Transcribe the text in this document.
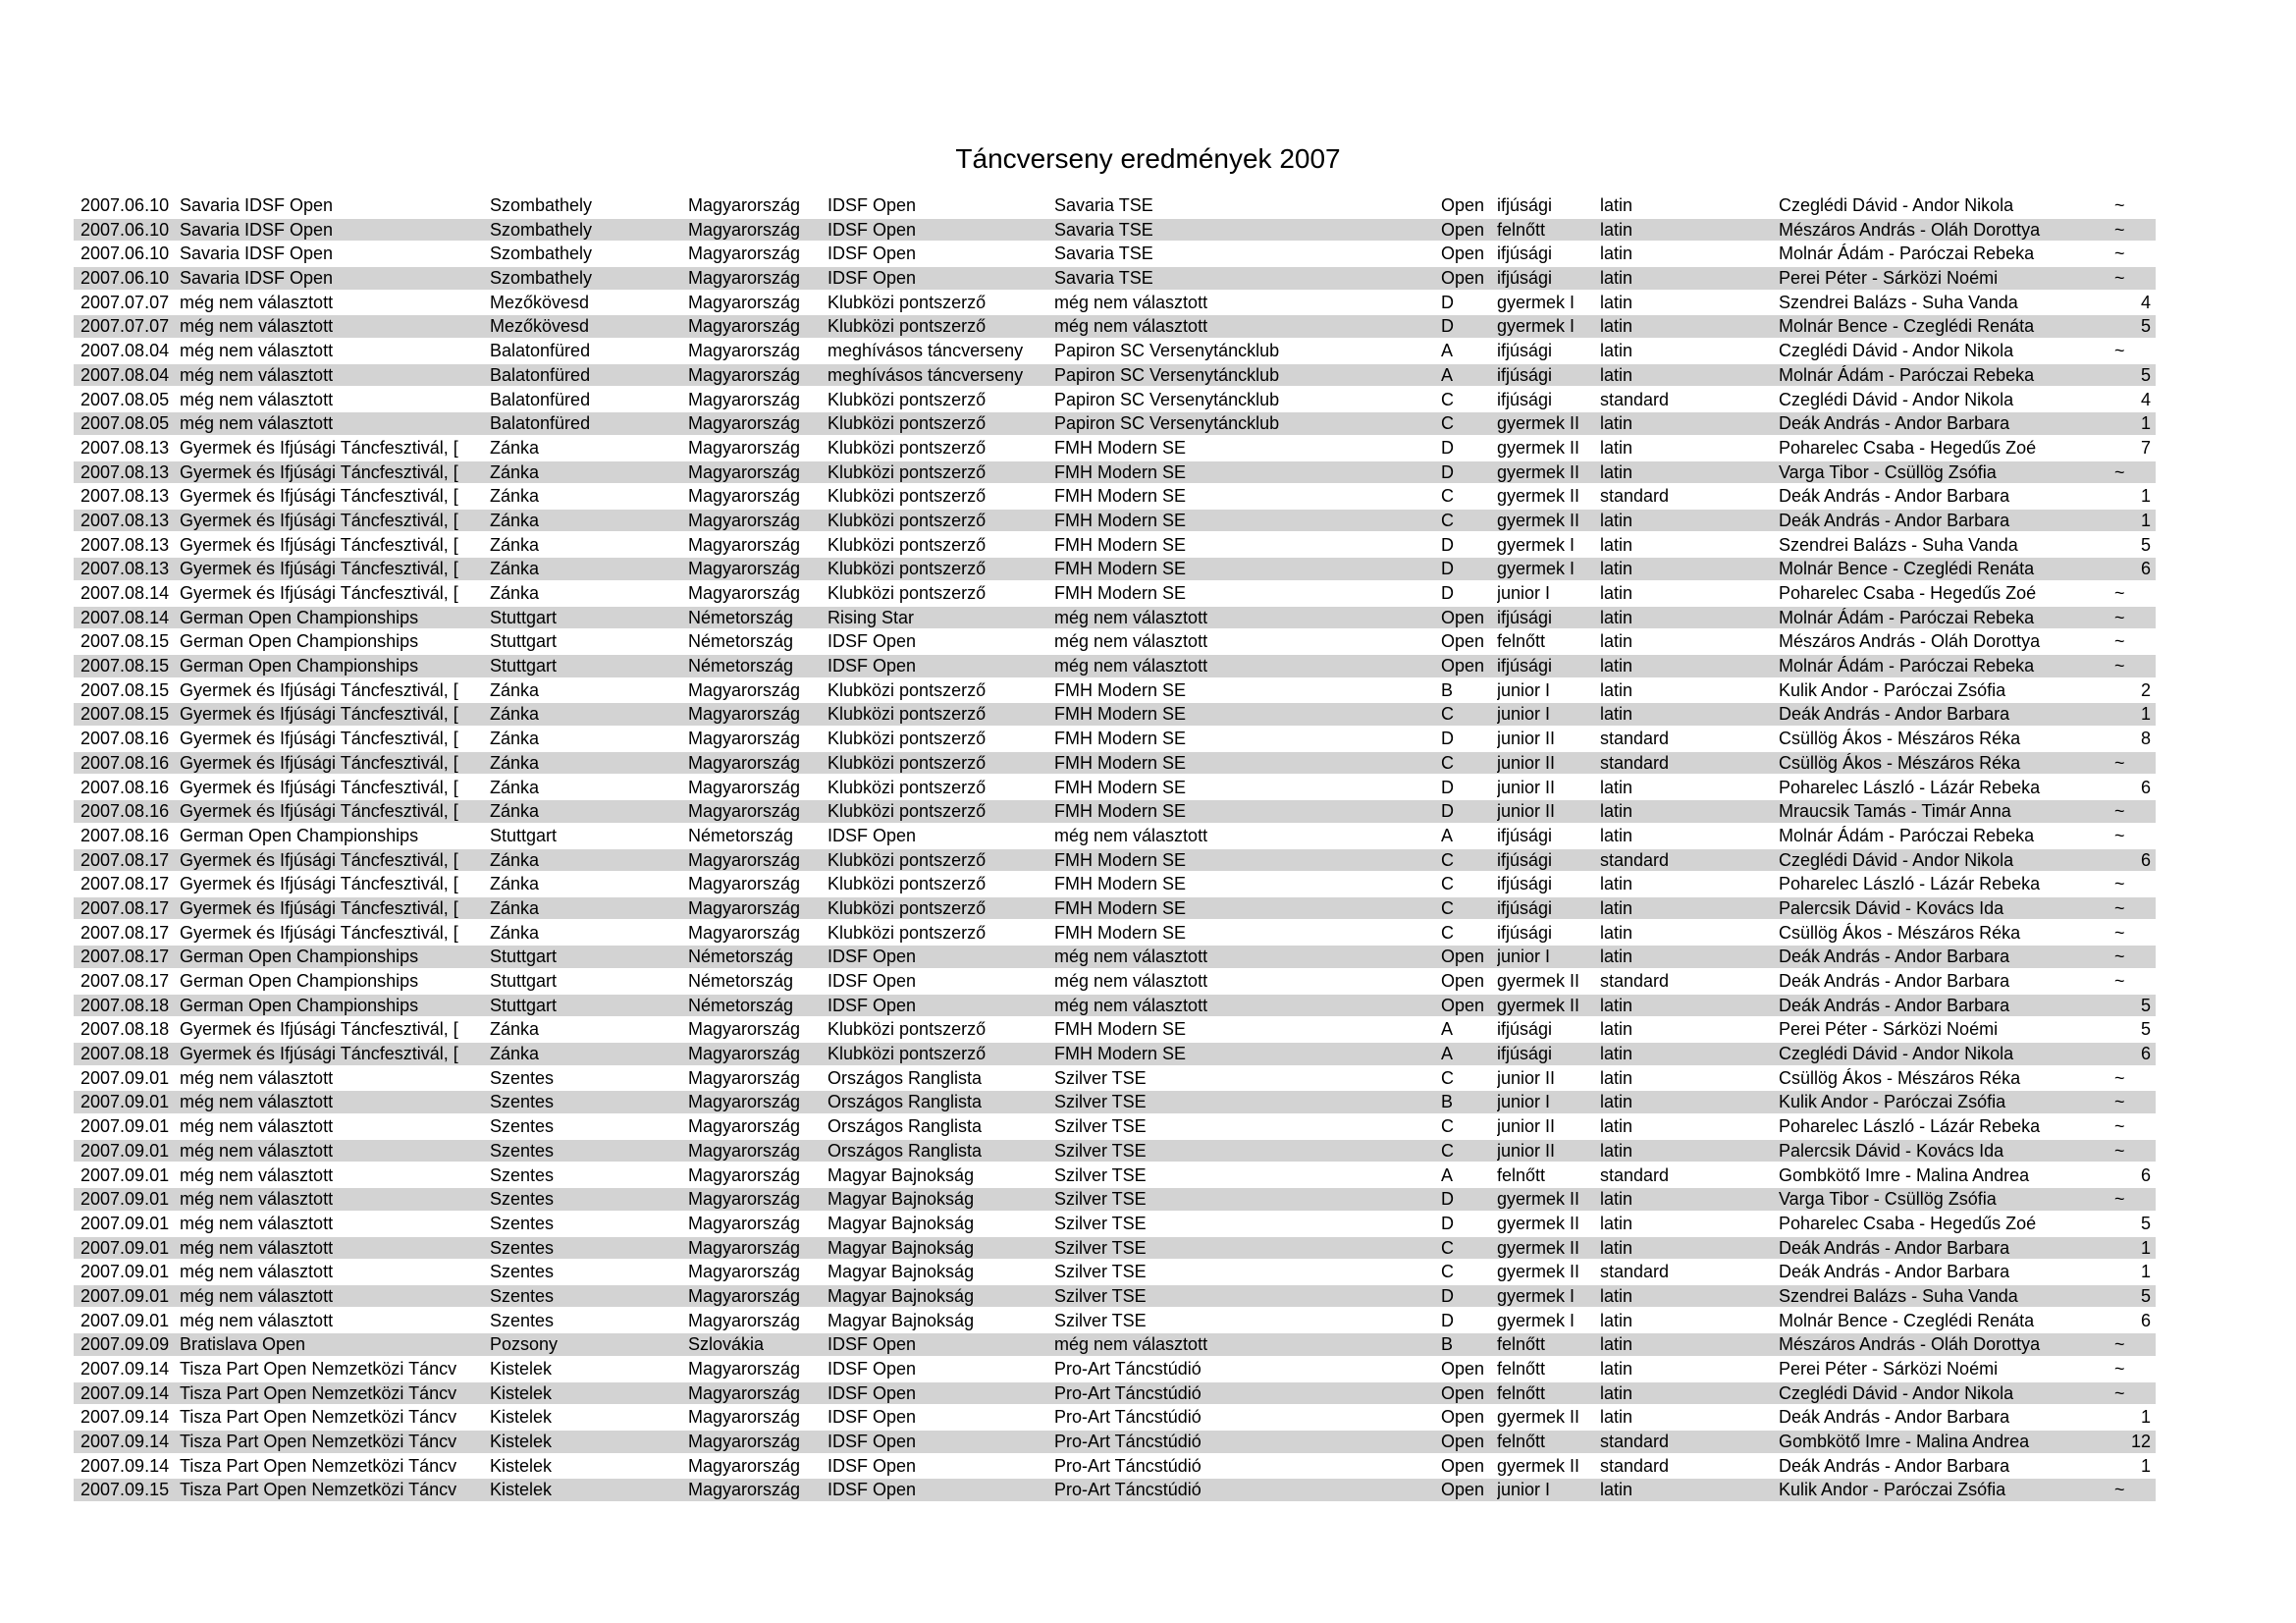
Táncverseny eredmények 2007
2007.06.10 Savaria IDSF Open	Szombathely	Magyarország	IDSF Open	Savaria TSE	Open ifjúsági	latin	Czeglédi Dávid - Andor Nikola	~
2007.06.10 Savaria IDSF Open	Szombathely	Magyarország	IDSF Open	Savaria TSE	Open felnőtt	latin	Mészáros András - Oláh Dorottya	~
2007.06.10 Savaria IDSF Open	Szombathely	Magyarország	IDSF Open	Savaria TSE	Open ifjúsági	latin	Molnár Ádám - Paróczai Rebeka	~
2007.06.10 Savaria IDSF Open	Szombathely	Magyarország	IDSF Open	Savaria TSE	Open ifjúsági	latin	Perei Péter - Sárközi Noémi	~
2007.07.07 még nem választott	Mezőkövesd	Magyarország	Klubközi pontszerző	még nem választott	D	gyermek I	latin	Szendrei Balázs - Suha Vanda	4
2007.07.07 még nem választott	Mezőkövesd	Magyarország	Klubközi pontszerző	még nem választott	D	gyermek I	latin	Molnár Bence - Czeglédi Renáta	5
2007.08.04 még nem választott	Balatonfüred	Magyarország	meghívásos táncverseny	Papiron SC Versenytáncklub	A	ifjúsági	latin	Czeglédi Dávid - Andor Nikola	~
2007.08.04 még nem választott	Balatonfüred	Magyarország	meghívásos táncverseny	Papiron SC Versenytáncklub	A	ifjúsági	latin	Molnár Ádám - Paróczai Rebeka	5
2007.08.05 még nem választott	Balatonfüred	Magyarország	Klubközi pontszerző	Papiron SC Versenytáncklub	C	ifjúsági	standard	Czeglédi Dávid - Andor Nikola	4
2007.08.05 még nem választott	Balatonfüred	Magyarország	Klubközi pontszerző	Papiron SC Versenytáncklub	C	gyermek II	latin	Deák András - Andor Barbara	1
2007.08.13 Gyermek és Ifjúsági Táncfesztivál, [	Zánka	Magyarország	Klubközi pontszerző	FMH Modern SE	D	gyermek II	latin	Poharelec Csaba - Hegedűs Zoé	7
2007.08.13 Gyermek és Ifjúsági Táncfesztivál, [	Zánka	Magyarország	Klubközi pontszerző	FMH Modern SE	D	gyermek II	latin	Varga Tibor - Csüllög Zsófia	~
2007.08.13 Gyermek és Ifjúsági Táncfesztivál, [	Zánka	Magyarország	Klubközi pontszerző	FMH Modern SE	C	gyermek II	standard	Deák András - Andor Barbara	1
2007.08.13 Gyermek és Ifjúsági Táncfesztivál, [	Zánka	Magyarország	Klubközi pontszerző	FMH Modern SE	C	gyermek II	latin	Deák András - Andor Barbara	1
2007.08.13 Gyermek és Ifjúsági Táncfesztivál, [	Zánka	Magyarország	Klubközi pontszerző	FMH Modern SE	D	gyermek I	latin	Szendrei Balázs - Suha Vanda	5
2007.08.13 Gyermek és Ifjúsági Táncfesztivál, [	Zánka	Magyarország	Klubközi pontszerző	FMH Modern SE	D	gyermek I	latin	Molnár Bence - Czeglédi Renáta	6
2007.08.14 Gyermek és Ifjúsági Táncfesztivál, [	Zánka	Magyarország	Klubközi pontszerző	FMH Modern SE	D	junior I	latin	Poharelec Csaba - Hegedűs Zoé	~
2007.08.14 German Open Championships	Stuttgart	Németország	Rising Star	még nem választott	Open ifjúsági	latin	Molnár Ádám - Paróczai Rebeka	~
2007.08.15 German Open Championships	Stuttgart	Németország	IDSF Open	még nem választott	Open felnőtt	latin	Mészáros András - Oláh Dorottya	~
2007.08.15 German Open Championships	Stuttgart	Németország	IDSF Open	még nem választott	Open ifjúsági	latin	Molnár Ádám - Paróczai Rebeka	~
2007.08.15 Gyermek és Ifjúsági Táncfesztivál, [	Zánka	Magyarország	Klubközi pontszerző	FMH Modern SE	B	junior I	latin	Kulik Andor - Paróczai Zsófia	2
2007.08.15 Gyermek és Ifjúsági Táncfesztivál, [	Zánka	Magyarország	Klubközi pontszerző	FMH Modern SE	C	junior I	latin	Deák András - Andor Barbara	1
2007.08.16 Gyermek és Ifjúsági Táncfesztivál, [	Zánka	Magyarország	Klubközi pontszerző	FMH Modern SE	D	junior II	standard	Csüllög Ákos - Mészáros Réka	8
2007.08.16 Gyermek és Ifjúsági Táncfesztivál, [	Zánka	Magyarország	Klubközi pontszerző	FMH Modern SE	C	junior II	standard	Csüllög Ákos - Mészáros Réka	~
2007.08.16 Gyermek és Ifjúsági Táncfesztivál, [	Zánka	Magyarország	Klubközi pontszerző	FMH Modern SE	D	junior II	latin	Poharelec László - Lázár Rebeka	6
2007.08.16 Gyermek és Ifjúsági Táncfesztivál, [	Zánka	Magyarország	Klubközi pontszerző	FMH Modern SE	D	junior II	latin	Mraucsik Tamás - Timár Anna	~
2007.08.16 German Open Championships	Stuttgart	Németország	IDSF Open	még nem választott	A	ifjúsági	latin	Molnár Ádám - Paróczai Rebeka	~
2007.08.17 Gyermek és Ifjúsági Táncfesztivál, [	Zánka	Magyarország	Klubközi pontszerző	FMH Modern SE	C	ifjúsági	standard	Czeglédi Dávid - Andor Nikola	6
2007.08.17 Gyermek és Ifjúsági Táncfesztivál, [	Zánka	Magyarország	Klubközi pontszerző	FMH Modern SE	C	ifjúsági	latin	Poharelec László - Lázár Rebeka	~
2007.08.17 Gyermek és Ifjúsági Táncfesztivál, [	Zánka	Magyarország	Klubközi pontszerző	FMH Modern SE	C	ifjúsági	latin	Palercsik Dávid - Kovács Ida	~
2007.08.17 Gyermek és Ifjúsági Táncfesztivál, [	Zánka	Magyarország	Klubközi pontszerző	FMH Modern SE	C	ifjúsági	latin	Csüllög Ákos - Mészáros Réka	~
2007.08.17 German Open Championships	Stuttgart	Németország	IDSF Open	még nem választott	Open junior I	latin	Deák András - Andor Barbara	~
2007.08.17 German Open Championships	Stuttgart	Németország	IDSF Open	még nem választott	Open gyermek II	standard	Deák András - Andor Barbara	~
2007.08.18 German Open Championships	Stuttgart	Németország	IDSF Open	még nem választott	Open gyermek II	latin	Deák András - Andor Barbara	5
2007.08.18 Gyermek és Ifjúsági Táncfesztivál, [	Zánka	Magyarország	Klubközi pontszerző	FMH Modern SE	A	ifjúsági	latin	Perei Péter - Sárközi Noémi	5
2007.08.18 Gyermek és Ifjúsági Táncfesztivál, [	Zánka	Magyarország	Klubközi pontszerző	FMH Modern SE	A	ifjúsági	latin	Czeglédi Dávid - Andor Nikola	6
2007.09.01 még nem választott	Szentes	Magyarország	Országos Ranglista	Szilver TSE	C	junior II	latin	Csüllög Ákos - Mészáros Réka	~
2007.09.01 még nem választott	Szentes	Magyarország	Országos Ranglista	Szilver TSE	B	junior I	latin	Kulik Andor - Paróczai Zsófia	~
2007.09.01 még nem választott	Szentes	Magyarország	Országos Ranglista	Szilver TSE	C	junior II	latin	Poharelec László - Lázár Rebeka	~
2007.09.01 még nem választott	Szentes	Magyarország	Országos Ranglista	Szilver TSE	C	junior II	latin	Palercsik Dávid - Kovács Ida	~
2007.09.01 még nem választott	Szentes	Magyarország	Magyar Bajnokság	Szilver TSE	A	felnőtt	standard	Gombkötő Imre - Malina Andrea	6
2007.09.01 még nem választott	Szentes	Magyarország	Magyar Bajnokság	Szilver TSE	D	gyermek II	latin	Varga Tibor - Csüllög Zsófia	~
2007.09.01 még nem választott	Szentes	Magyarország	Magyar Bajnokság	Szilver TSE	D	gyermek II	latin	Poharelec Csaba - Hegedűs Zoé	5
2007.09.01 még nem választott	Szentes	Magyarország	Magyar Bajnokság	Szilver TSE	C	gyermek II	latin	Deák András - Andor Barbara	1
2007.09.01 még nem választott	Szentes	Magyarország	Magyar Bajnokság	Szilver TSE	C	gyermek II	standard	Deák András - Andor Barbara	1
2007.09.01 még nem választott	Szentes	Magyarország	Magyar Bajnokság	Szilver TSE	D	gyermek I	latin	Szendrei Balázs - Suha Vanda	5
2007.09.01 még nem választott	Szentes	Magyarország	Magyar Bajnokság	Szilver TSE	D	gyermek I	latin	Molnár Bence - Czeglédi Renáta	6
2007.09.09 Bratislava Open	Pozsony	Szlovákia	IDSF Open	még nem választott	B	felnőtt	latin	Mészáros András - Oláh Dorottya	~
2007.09.14 Tisza Part Open Nemzetközi Táncv	Kistelek	Magyarország	IDSF Open	Pro-Art Táncstúdió	Open felnőtt	latin	Perei Péter - Sárközi Noémi	~
2007.09.14 Tisza Part Open Nemzetközi Táncv	Kistelek	Magyarország	IDSF Open	Pro-Art Táncstúdió	Open felnőtt	latin	Czeglédi Dávid - Andor Nikola	~
2007.09.14 Tisza Part Open Nemzetközi Táncv	Kistelek	Magyarország	IDSF Open	Pro-Art Táncstúdió	Open gyermek II	latin	Deák András - Andor Barbara	1
2007.09.14 Tisza Part Open Nemzetközi Táncv	Kistelek	Magyarország	IDSF Open	Pro-Art Táncstúdió	Open felnőtt	standard	Gombkötő Imre - Malina Andrea	12
2007.09.14 Tisza Part Open Nemzetközi Táncv	Kistelek	Magyarország	IDSF Open	Pro-Art Táncstúdió	Open gyermek II	standard	Deák András - Andor Barbara	1
2007.09.15 Tisza Part Open Nemzetközi Táncv	Kistelek	Magyarország	IDSF Open	Pro-Art Táncstúdió	Open junior I	latin	Kulik Andor - Paróczai Zsófia	~
